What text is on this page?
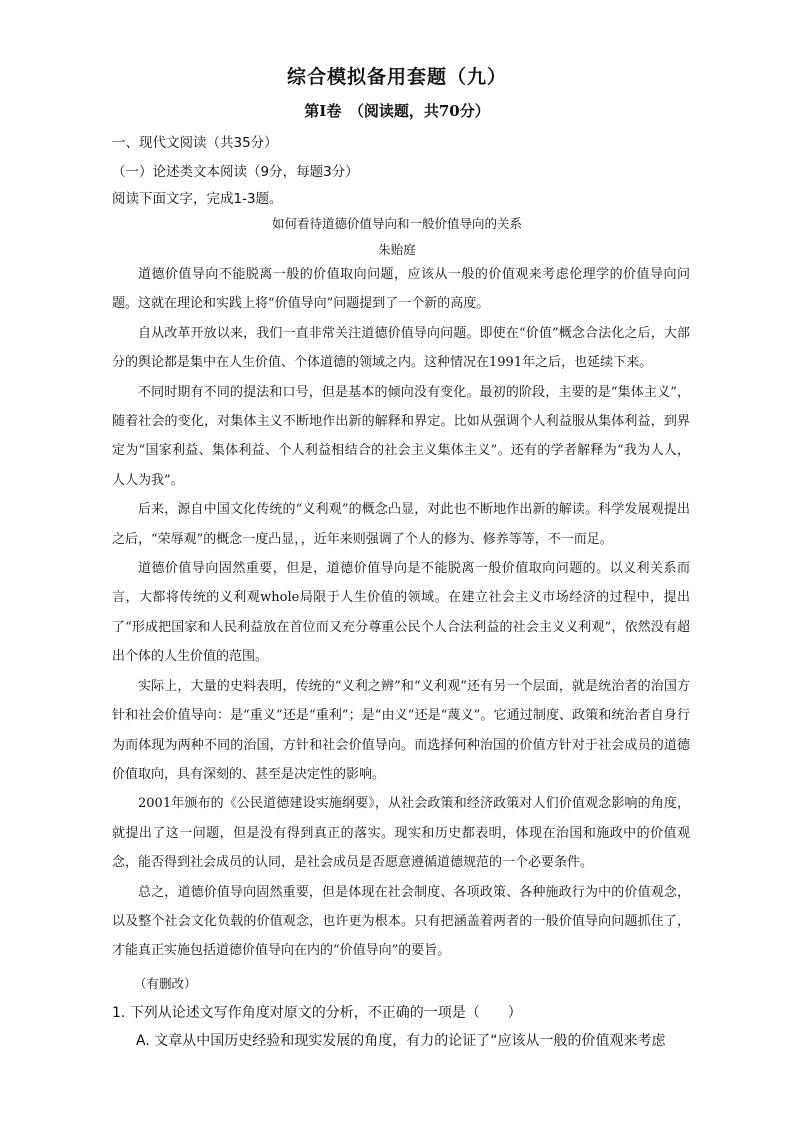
综合模拟备用套题（九）
第Ⅰ卷　（阅读题，共70分）
一、现代文阅读（共35分）
（一）论述类文本阅读（9分，每题3分）
阅读下面文字，完成1-3题。
如何看待道德价值导向和一般价值导向的关系
朱贻庭

道德价值导向不能脱离一般的价值取向问题，应该从一般的价值观来考虑伦理学的价值导向问题。这就在理论和实践上将“价值导向”问题提到了一个新的高度。

自从改革开放以来，我们一直非常关注道德价值导向问题。即使在“价值”概念合法化之后，大部分的舆论都是集中在人生价值、个体道德的领域之内。这种情况在1991年之后，也延续下来。

不同时期有不同的提法和口号，但是基本的倾向没有变化。最初的阶段，主要的是“集体主义”，随着社会的变化，对集体主义不断地作出新的解释和界定。比如从强调个人利益服从集体利益，到界定为“国家利益、集体利益、个人利益相结合的社会主义集体主义”。还有的学者解释为“我为人人，人人为我”。

后来，源自中国文化传统的“义利观”的概念凸显，对此也不断地作出新的解读。科学发展观提出之后，“荣辱观”的概念一度凸显，，近年来则强调了个人的修为、修养等等，不一而足。

道德价值导向固然重要，但是，道德价值导向是不能脱离一般价值取向问题的。以义利关系而言，大都将传统的义利观whole局限于人生价值的领域。在建立社会主义市场经济的过程中，提出了“形成把国家和人民利益放在首位而又充分尊重公民个人合法利益的社会主义义利观”，依然没有超出个体的人生价值的范围。

实际上，大量的史料表明，传统的“义利之辨”和“义利观”还有另一个层面，就是统治者的治国方针和社会价值导向：是“重义”还是“重利”；是“由义”还是“蔑义”。它通过制度、政策和统治者自身行为而体现为两种不同的治国，方针和社会价值导向。而选择何种治国的价值方针对于社会成员的道德价值取向，具有深刻的、甚至是决定性的影响。

2001年颁布的《公民道德建设实施纲要》，从社会政策和经济政策对人们价值观念影响的角度，就提出了这一问题，但是没有得到真正的落实。现实和历史都表明，体现在治国和施政中的价值观念，能否得到社会成员的认同，是社会成员是否愿意遵循道德规范的一个必要条件。

总之，道德价值导向固然重要，但是体现在社会制度、各项政策、各种施政行为中的价值观念，以及整个社会文化负载的价值观念，也许更为根本。只有把涵盖着两者的一般价值导向问题抓住了，才能真正实施包括道德价值导向在内的“价值导向”的要旨。

（有删改）
1. 下列从论述文写作角度对原文的分析，不正确的一项是（　　）
A. 文章从中国历史经验和现实发展的角度，有力的论证了“应该从一般的价值观来考虑
